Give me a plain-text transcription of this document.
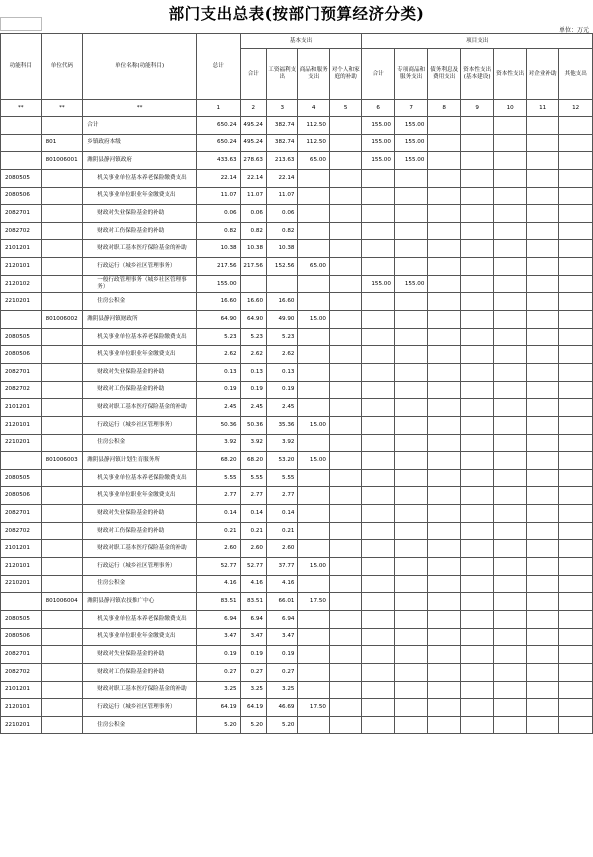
部门支出总表(按部门预算经济分类)
单位：万元
功能科目	单位代码	单位名称(功能科目)	总计	基本支出				项目支出						
				合计	工资福利支出	商品和服务支出	对个人和家庭的补助	合计	专项商品和服务支出	债务利息及费用支出	资本性支出(基本建设)	资本性支出	对企业补助	其他支出
**	**	**	1	2	3	4	5	6	7	8	9	10	11	12
		合计	650.24	495.24	382.74	112.50		155.00	155.00					
	801	乡镇政府本级	650.24	495.24	382.74	112.50		155.00	155.00					
	801006001	潍阴县静河镇政府	433.63	278.63	213.63	65.00		155.00	155.00					
2080505		机关事业单位基本养老保险缴费支出	22.14	22.14	22.14									
2080506		机关事业单位职业年金缴费支出	11.07	11.07	11.07									
2082701		财政对失业保险基金的补助	0.06	0.06	0.06									
2082702		财政对工伤保险基金的补助	0.82	0.82	0.82									
2101201		财政对职工基本医疗保险基金的补助	10.38	10.38	10.38									
2120101		行政运行（城乡社区管理事务）	217.56	217.56	152.56	65.00								
2120102		一般行政管理事务（城乡社区管理事务）	155.00					155.00	155.00					
2210201		住房公积金	16.60	16.60	16.60									
	801006002	潍阴县静河镇财政所	64.90	64.90	49.90	15.00								
2080505		机关事业单位基本养老保险缴费支出	5.23	5.23	5.23									
2080506		机关事业单位职业年金缴费支出	2.62	2.62	2.62									
2082701		财政对失业保险基金的补助	0.13	0.13	0.13									
2082702		财政对工伤保险基金的补助	0.19	0.19	0.19									
2101201		财政对职工基本医疗保险基金的补助	2.45	2.45	2.45									
2120101		行政运行（城乡社区管理事务）	50.36	50.36	35.36	15.00								
2210201		住房公积金	3.92	3.92	3.92									
	801006003	潍阴县静河镇计划生育服务所	68.20	68.20	53.20	15.00								
2080505		机关事业单位基本养老保险缴费支出	5.55	5.55	5.55									
2080506		机关事业单位职业年金缴费支出	2.77	2.77	2.77									
2082701		财政对失业保险基金的补助	0.14	0.14	0.14									
2082702		财政对工伤保险基金的补助	0.21	0.21	0.21									
2101201		财政对职工基本医疗保险基金的补助	2.60	2.60	2.60									
2120101		行政运行（城乡社区管理事务）	52.77	52.77	37.77	15.00								
2210201		住房公积金	4.16	4.16	4.16									
	801006004	潍阴县静河镇农技推广中心	83.51	83.51	66.01	17.50								
2080505		机关事业单位基本养老保险缴费支出	6.94	6.94	6.94									
2080506		机关事业单位职业年金缴费支出	3.47	3.47	3.47									
2082701		财政对失业保险基金的补助	0.19	0.19	0.19									
2082702		财政对工伤保险基金的补助	0.27	0.27	0.27									
2101201		财政对职工基本医疗保险基金的补助	3.25	3.25	3.25									
2120101		行政运行（城乡社区管理事务）	64.19	64.19	46.69	17.50								
2210201		住房公积金	5.20	5.20	5.20									
